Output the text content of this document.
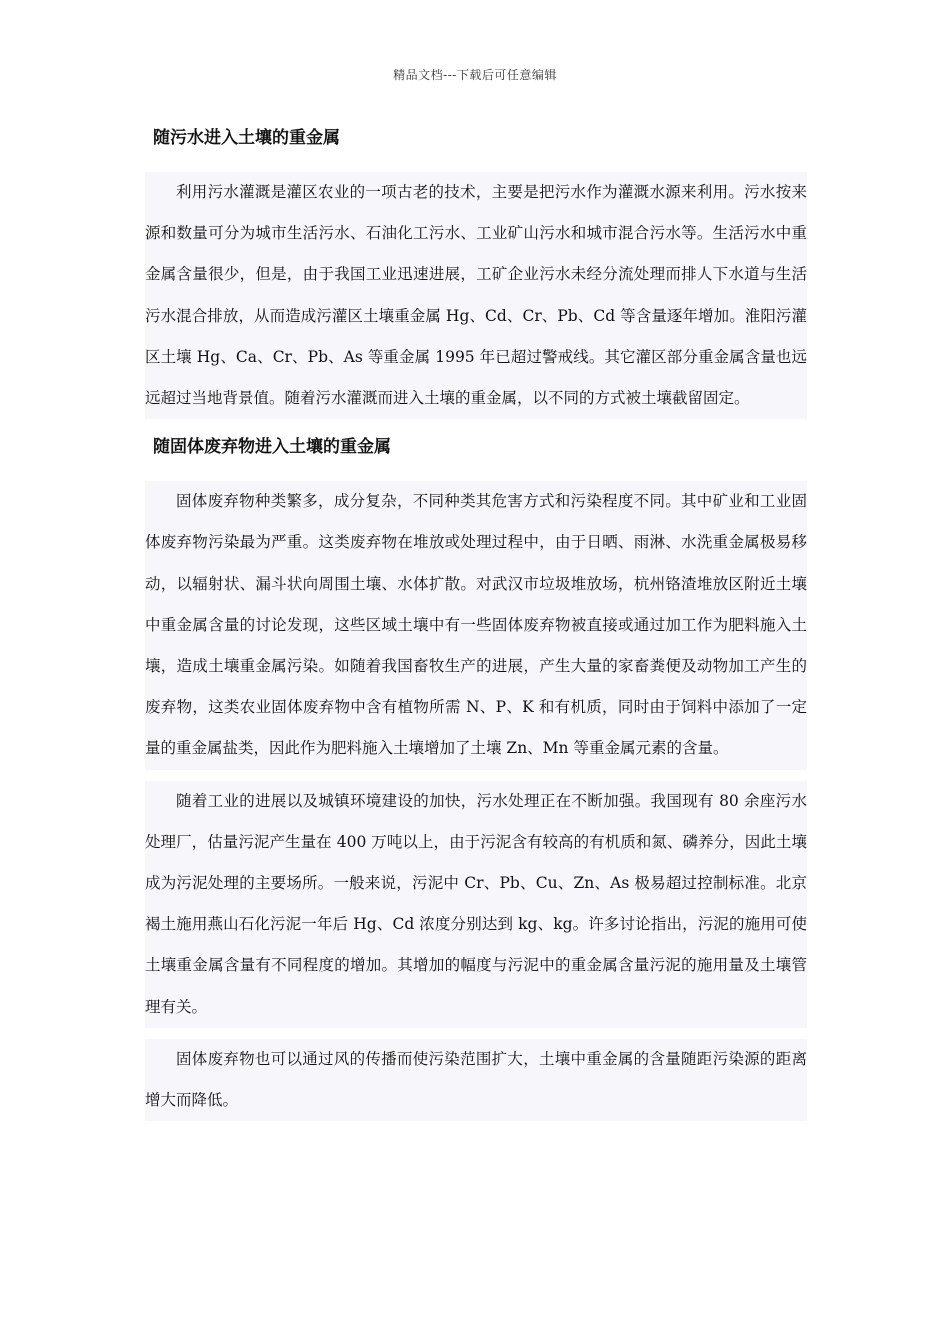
精品文档---下载后可任意编辑
随污水进入土壤的重金属

利用污水灌溉是灌区农业的一项古老的技术，主要是把污水作为灌溉水源来利用。污水按来源和数量可分为城市生活污水、石油化工污水、工业矿山污水和城市混合污水等。生活污水中重金属含量很少，但是，由于我国工业迅速进展，工矿企业污水未经分流处理而排人下水道与生活污水混合排放，从而造成污灌区土壤重金属 Hg、Cd、Cr、Pb、Cd 等含量逐年增加。淮阳污灌区土壤 Hg、Ca、Cr、Pb、As 等重金属 1995 年已超过警戒线。其它灌区部分重金属含量也远远超过当地背景值。随着污水灌溉而进入土壤的重金属，以不同的方式被土壤截留固定。

随固体废弃物进入土壤的重金属

固体废弃物种类繁多，成分复杂，不同种类其危害方式和污染程度不同。其中矿业和工业固体废弃物污染最为严重。这类废弃物在堆放或处理过程中，由于日晒、雨淋、水洗重金属极易移动，以辐射状、漏斗状向周围土壤、水体扩散。对武汉市垃圾堆放场，杭州铬渣堆放区附近土壤中重金属含量的讨论发现，这些区域土壤中有一些固体废弃物被直接或通过加工作为肥料施入土壤，造成土壤重金属污染。如随着我国畜牧生产的进展，产生大量的家畜粪便及动物加工产生的废弃物，这类农业固体废弃物中含有植物所需 N、P、K 和有机质，同时由于饲料中添加了一定量的重金属盐类，因此作为肥料施入土壤增加了土壤 Zn、Mn 等重金属元素的含量。

随着工业的进展以及城镇环境建设的加快，污水处理正在不断加强。我国现有 80 余座污水处理厂，估量污泥产生量在 400 万吨以上，由于污泥含有较高的有机质和氮、磷养分，因此土壤成为污泥处理的主要场所。一般来说，污泥中 Cr、Pb、Cu、Zn、As 极易超过控制标准。北京褐土施用燕山石化污泥一年后 Hg、Cd 浓度分别达到 kg、kg。许多讨论指出，污泥的施用可使土壤重金属含量有不同程度的增加。其增加的幅度与污泥中的重金属含量污泥的施用量及土壤管理有关。

固体废弃物也可以通过风的传播而使污染范围扩大，土壤中重金属的含量随距污染源的距离增大而降低。
